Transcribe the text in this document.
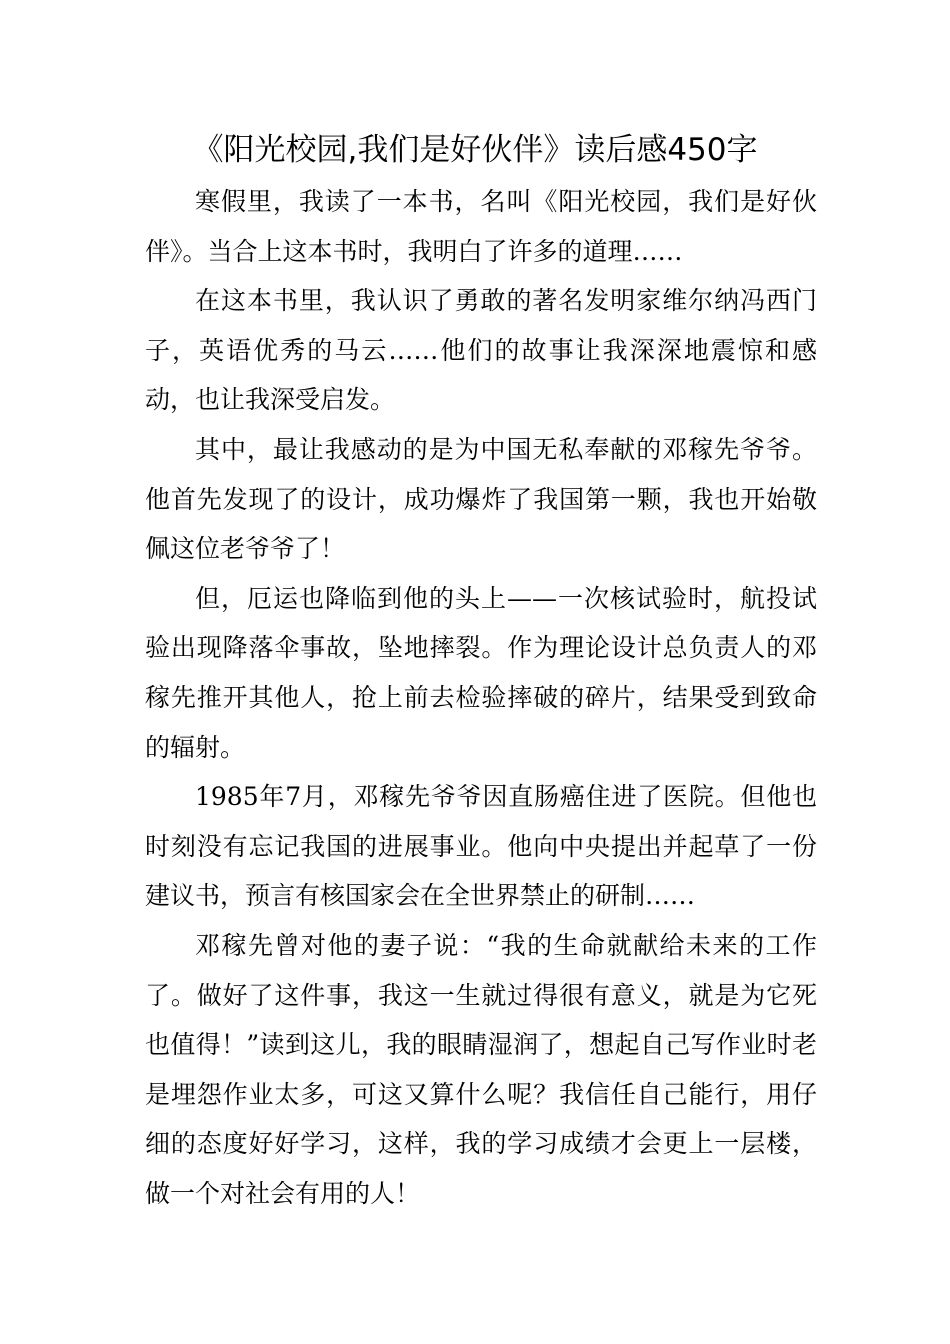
《阳光校园,我们是好伙伴》读后感450字

寒假里，我读了一本书，名叫《阳光校园，我们是好伙伴》。当合上这本书时，我明白了许多的道理……

在这本书里，我认识了勇敢的著名发明家维尔纳冯西门子，英语优秀的马云……他们的故事让我深深地震惊和感动，也让我深受启发。

其中，最让我感动的是为中国无私奉献的邓稼先爷爷。他首先发现了的设计，成功爆炸了我国第一颗，我也开始敬佩这位老爷爷了！

但，厄运也降临到他的头上——一次核试验时，航投试验出现降落伞事故，坠地摔裂。作为理论设计总负责人的邓稼先推开其他人，抢上前去检验摔破的碎片，结果受到致命的辐射。

1985年7月，邓稼先爷爷因直肠癌住进了医院。但他也时刻没有忘记我国的进展事业。他向中央提出并起草了一份建议书，预言有核国家会在全世界禁止的研制……

邓稼先曾对他的妻子说：“我的生命就献给未来的工作了。做好了这件事，我这一生就过得很有意义，就是为它死也值得！”读到这儿，我的眼睛湿润了，想起自己写作业时老是埋怨作业太多，可这又算什么呢？我信任自己能行，用仔细的态度好好学习，这样，我的学习成绩才会更上一层楼，做一个对社会有用的人！
